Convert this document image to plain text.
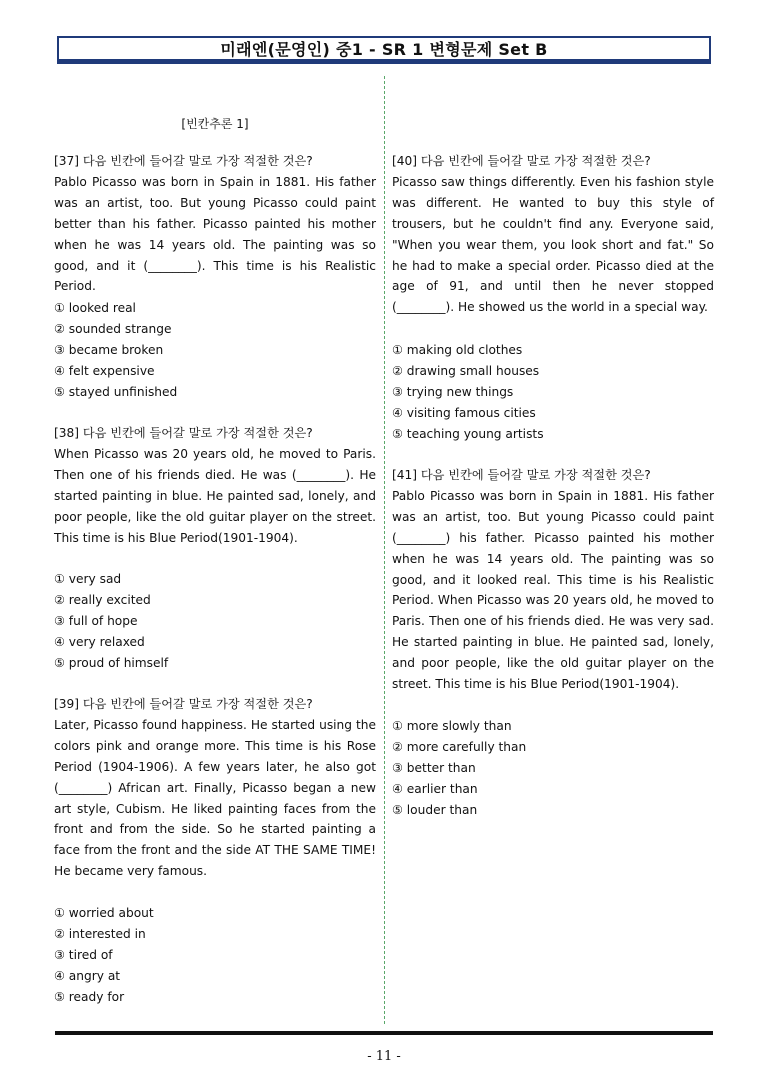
미래엔(문영인) 중1 - SR 1 변형문제 Set B
[빈칸추론 1]

[37] 다음 빈칸에 들어갈 말로 가장 적절한 것은?

Pablo Picasso was born in Spain in 1881. His father was an artist, too. But young Picasso could paint better than his father. Picasso painted his mother when he was 14 years old. The painting was so good, and it (________). This time is his Realistic Period.

① looked real
② sounded strange
③ became broken
④ felt expensive
⑤ stayed unfinished

[38] 다음 빈칸에 들어갈 말로 가장 적절한 것은?

When Picasso was 20 years old, he moved to Paris. Then one of his friends died. He was (________). He started painting in blue. He painted sad, lonely, and poor people, like the old guitar player on the street. This time is his Blue Period(1901-1904).

① very sad
② really excited
③ full of hope
④ very relaxed
⑤ proud of himself

[39] 다음 빈칸에 들어갈 말로 가장 적절한 것은?

Later, Picasso found happiness. He started using the colors pink and orange more. This time is his Rose Period (1904-1906). A few years later, he also got (________) African art. Finally, Picasso began a new art style, Cubism. He liked painting faces from the front and from the side. So he started painting a face from the front and the side AT THE SAME TIME! He became very famous.

① worried about
② interested in
③ tired of
④ angry at
⑤ ready for

[40] 다음 빈칸에 들어갈 말로 가장 적절한 것은?

Picasso saw things differently. Even his fashion style was different. He wanted to buy this style of trousers, but he couldn't find any. Everyone said, "When you wear them, you look short and fat." So he had to make a special order. Picasso died at the age of 91, and until then he never stopped (________). He showed us the world in a special way.

① making old clothes
② drawing small houses
③ trying new things
④ visiting famous cities
⑤ teaching young artists

[41] 다음 빈칸에 들어갈 말로 가장 적절한 것은?

Pablo Picasso was born in Spain in 1881. His father was an artist, too. But young Picasso could paint (________) his father. Picasso painted his mother when he was 14 years old. The painting was so good, and it looked real. This time is his Realistic Period. When Picasso was 20 years old, he moved to Paris. Then one of his friends died. He was very sad. He started painting in blue. He painted sad, lonely, and poor people, like the old guitar player on the street. This time is his Blue Period(1901-1904).

① more slowly than
② more carefully than
③ better than
④ earlier than
⑤ louder than
- 11 -
